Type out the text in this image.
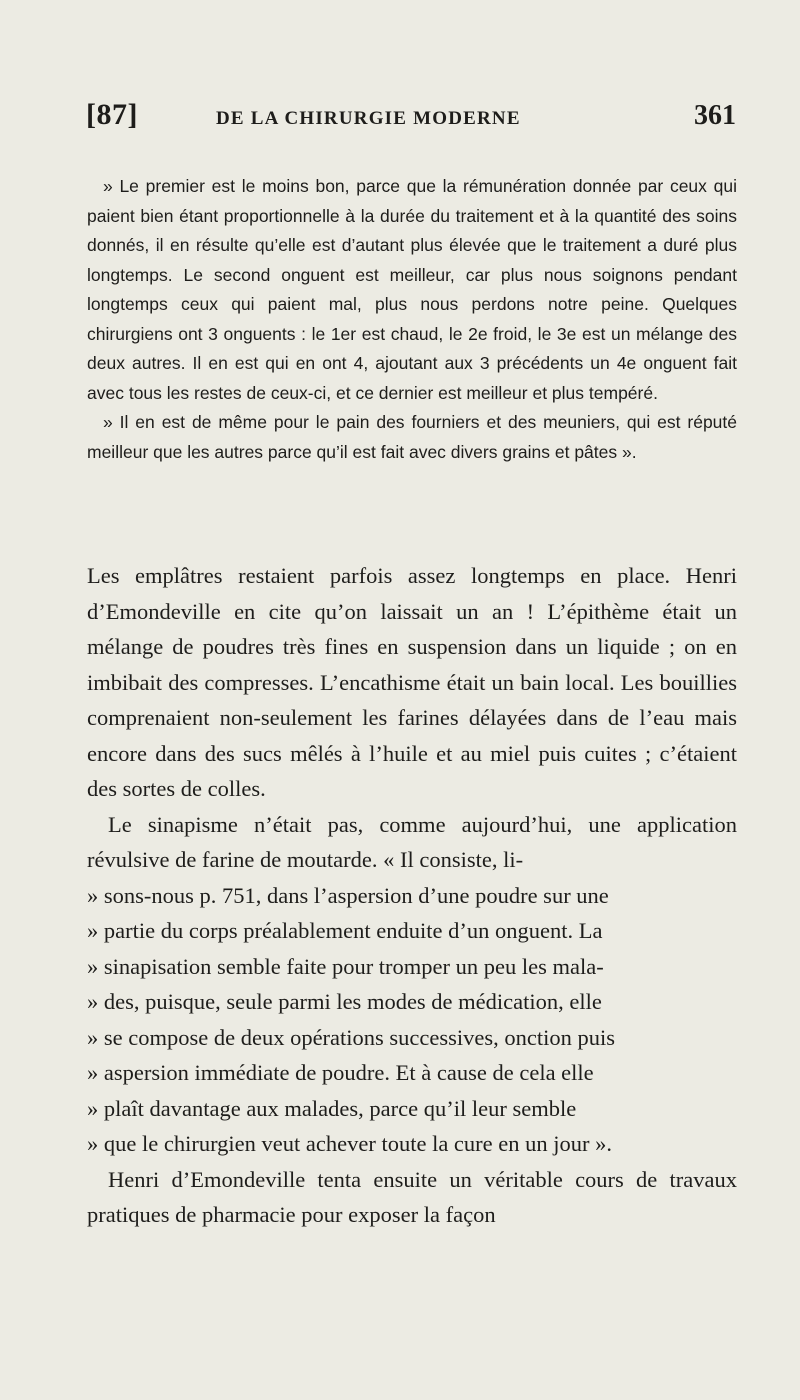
[87]	DE LA CHIRURGIE MODERNE	361

» Le premier est le moins bon, parce que la rémunération donnée par ceux qui paient bien étant proportionnelle à la durée du traitement et à la quantité des soins donnés, il en résulte qu’elle est d’autant plus élevée que le traitement a duré plus longtemps. Le second onguent est meilleur, car plus nous soignons pendant longtemps ceux qui paient mal, plus nous perdons notre peine. Quelques chirurgiens ont 3 onguents : le 1er est chaud, le 2e froid, le 3e est un mélange des deux autres. Il en est qui en ont 4, ajoutant aux 3 précédents un 4e onguent fait avec tous les restes de ceux-ci, et ce dernier est meilleur et plus tempéré.

» Il en est de même pour le pain des fourniers et des meuniers, qui est réputé meilleur que les autres parce qu’il est fait avec divers grains et pâtes ».

Les emplâtres restaient parfois assez longtemps en place. Henri d’Emondeville en cite qu’on laissait un an ! L’épithème était un mélange de poudres très fines en suspension dans un liquide ; on en imbibait des compresses. L’encathisme était un bain local. Les bouillies comprenaient non-seulement les farines délayées dans de l’eau mais encore dans des sucs mêlés à l’huile et au miel puis cuites ; c’étaient des sortes de colles.

Le sinapisme n’était pas, comme aujourd’hui, une application révulsive de farine de moutarde. « Il consiste, li-

» sons-nous p. 751, dans l’aspersion d’une poudre sur une
» partie du corps préalablement enduite d’un onguent. La
» sinapisation semble faite pour tromper un peu les mala-
» des, puisque, seule parmi les modes de médication, elle
» se compose de deux opérations successives, onction puis
» aspersion immédiate de poudre. Et à cause de cela elle
» plaît davantage aux malades, parce qu’il leur semble
» que le chirurgien veut achever toute la cure en un jour ».

Henri d’Emondeville tenta ensuite un véritable cours de travaux pratiques de pharmacie pour exposer la façon
